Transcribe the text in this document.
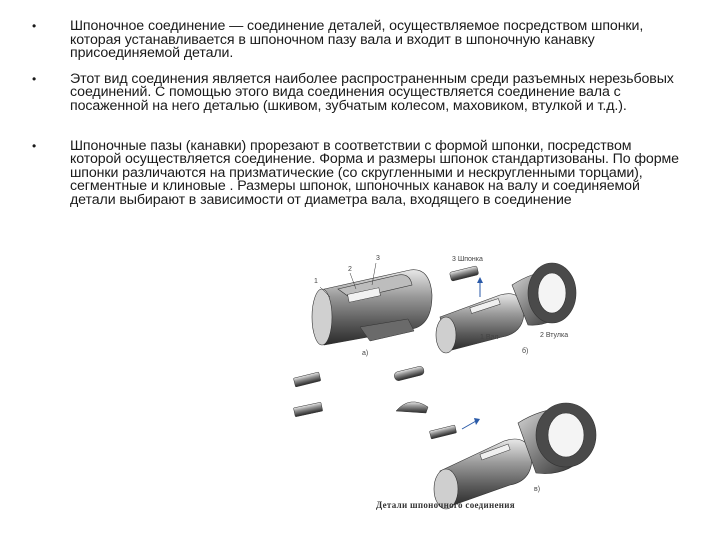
• Шпоночное соединение — соединение деталей, осуществляемое посредством шпонки, которая устанавливается в шпоночном пазу вала и входит в шпоночную канавку присоединяемой детали.
• Этот вид соединения является наиболее распространенным среди разъемных нерезьбовых соединений. С помощью этого вида соединения осуществляется соединение вала с посаженной на него деталью (шкивом, зубчатым колесом, маховиком, втулкой и т.д.).
• Шпоночные пазы (канавки) прорезают в соответствии с формой шпонки, посредством которой осуществляется соединение. Форма и размеры шпонок стандартизованы. По форме шпонки различаются на призматические (со скругленными и нескругленными торцами), сегментные и клиновые . Размеры шпонок, шпоночных канавок на валу и соединяемой детали выбирают в зависимости от диаметра вала, входящего в соединение
1
2
3
а)
3 Шпонка
1 Вал	2 Втулка
б)
в)
Детали шпоночного соединения
